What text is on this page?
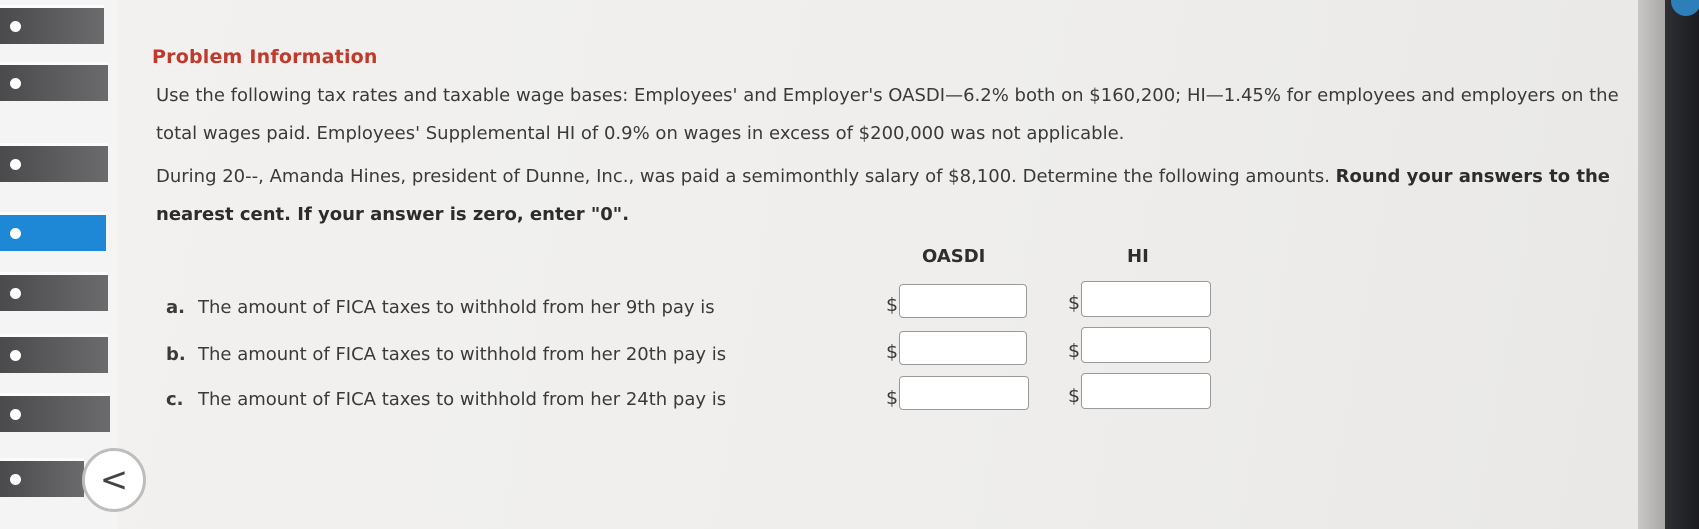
<
Problem Information
Use the following tax rates and taxable wage bases: Employees' and Employer's OASDI—6.2% both on $160,200; HI—1.45% for employees and employers on the total wages paid. Employees' Supplemental HI of 0.9% on wages in excess of $200,000 was not applicable.
During 20--, Amanda Hines, president of Dunne, Inc., was paid a semimonthly salary of $8,100. Determine the following amounts. Round your answers to the nearest cent. If your answer is zero, enter "0".
OASDI	HI
a. The amount of FICA taxes to withhold from her 9th pay is	$	$
b. The amount of FICA taxes to withhold from her 20th pay is	$	$
c. The amount of FICA taxes to withhold from her 24th pay is	$	$
